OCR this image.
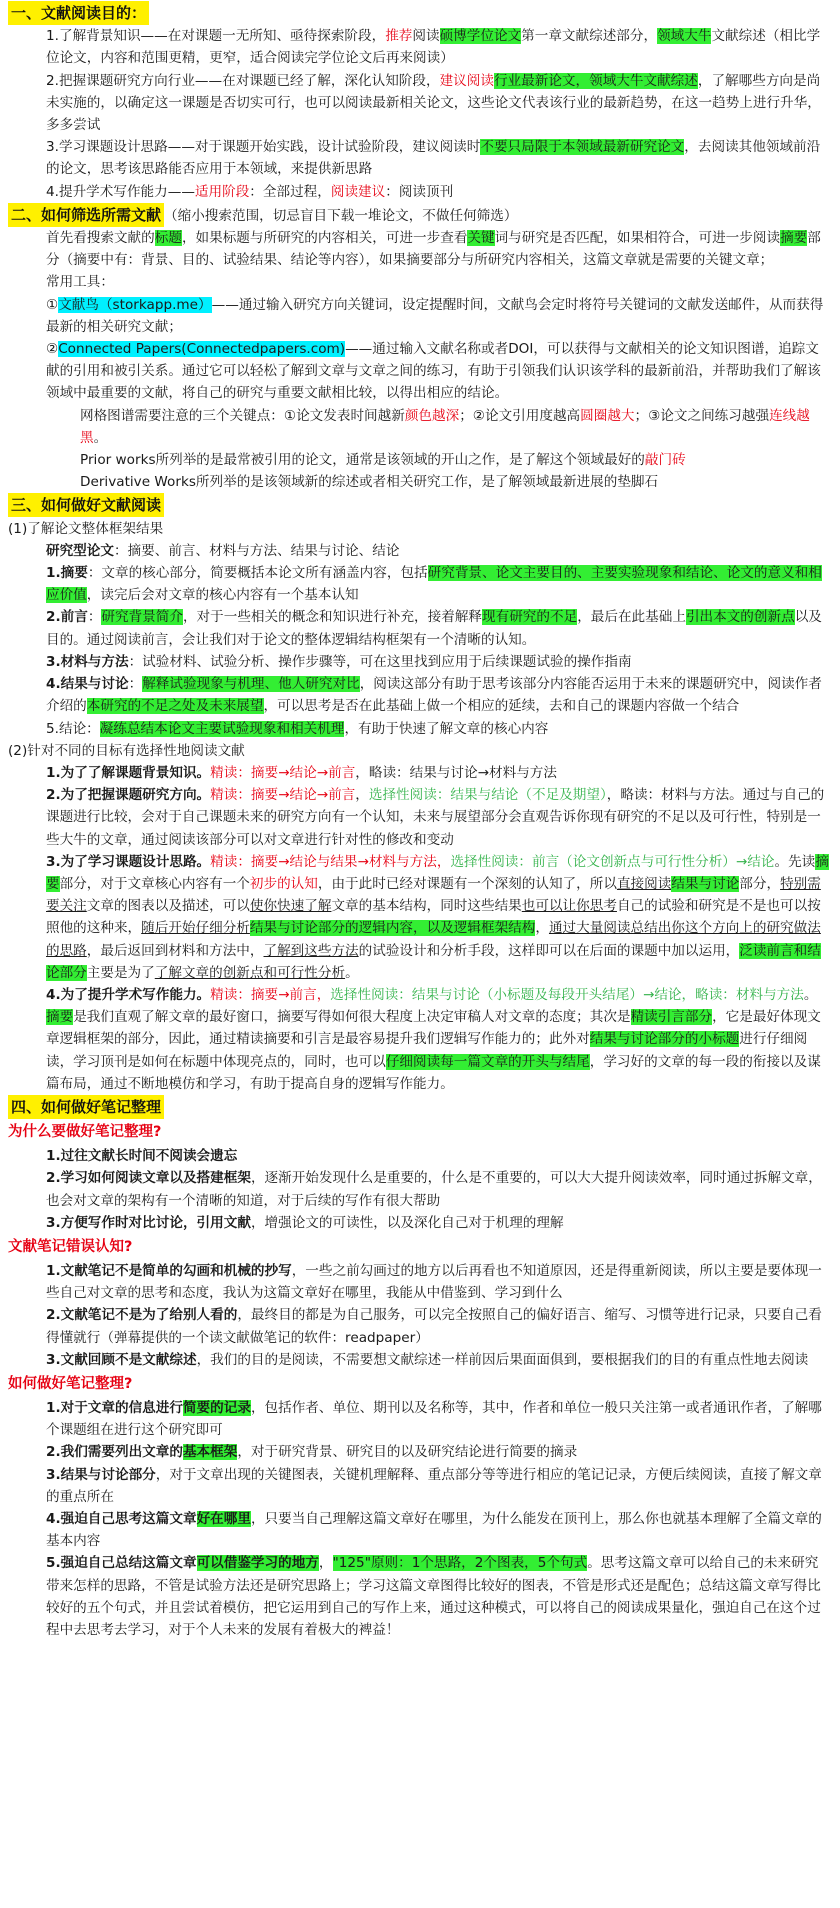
一、文献阅读目的：

1.了解背景知识——在对课题一无所知、亟待探索阶段，推荐阅读硕博学位论文第一章文献综述部分，领域大牛文献综述（相比学位论文，内容和范围更精，更窄，适合阅读完学位论文后再来阅读）

2.把握课题研究方向行业——在对课题已经了解，深化认知阶段，建议阅读行业最新论文，领域大牛文献综述，了解哪些方向是尚未实施的，以确定这一课题是否切实可行，也可以阅读最新相关论文，这些论文代表该行业的最新趋势，在这一趋势上进行升华，多多尝试

3.学习课题设计思路——对于课题开始实践，设计试验阶段，建议阅读时不要只局限于本领域最新研究论文，去阅读其他领域前沿的论文，思考该思路能否应用于本领域，来提供新思路

4.提升学术写作能力——适用阶段：全部过程，阅读建议：阅读顶刊

二、如何筛选所需文献 （缩小搜索范围，切忌盲目下载一堆论文，不做任何筛选）

首先看搜索文献的标题，如果标题与所研究的内容相关，可进一步查看关键词与研究是否匹配，如果相符合，可进一步阅读摘要部分（摘要中有：背景、目的、试验结果、结论等内容），如果摘要部分与所研究内容相关，这篇文章就是需要的关键文章；

常用工具：

①文献鸟（storkapp.me）——通过输入研究方向关键词，设定提醒时间，文献鸟会定时将符号关键词的文献发送邮件，从而获得最新的相关研究文献；

②Connected Papers(Connectedpapers.com)——通过输入文献名称或者DOI，可以获得与文献相关的论文知识图谱，追踪文献的引用和被引关系。通过它可以轻松了解到文章与文章之间的练习，有助于引领我们认识该学科的最新前沿，并帮助我们了解该领域中最重要的文献，将自己的研究与重要文献相比较，以得出相应的结论。

网格图谱需要注意的三个关键点：①论文发表时间越新颜色越深；②论文引用度越高圆圈越大；③论文之间练习越强连线越黑。

Prior works所列举的是最常被引用的论文，通常是该领域的开山之作，是了解这个领域最好的敲门砖

Derivative Works所列举的是该领域新的综述或者相关研究工作，是了解领域最新进展的垫脚石

三、如何做好文献阅读

(1)了解论文整体框架结果

研究型论文：摘要、前言、材料与方法、结果与讨论、结论

1.摘要：文章的核心部分，简要概括本论文所有涵盖内容，包括研究背景、论文主要目的、主要实验现象和结论、论文的意义和相应价值，读完后会对文章的核心内容有一个基本认知

2.前言：研究背景简介，对于一些相关的概念和知识进行补充，接着解释现有研究的不足，最后在此基础上引出本文的创新点以及目的。通过阅读前言，会让我们对于论文的整体逻辑结构框架有一个清晰的认知。

3.材料与方法：试验材料、试验分析、操作步骤等，可在这里找到应用于后续课题试验的操作指南

4.结果与讨论：解释试验现象与机理、他人研究对比，阅读这部分有助于思考该部分内容能否运用于未来的课题研究中，阅读作者介绍的本研究的不足之处及未来展望，可以思考是否在此基础上做一个相应的延续，去和自己的课题内容做一个结合

5.结论：凝练总结本论文主要试验现象和相关机理，有助于快速了解文章的核心内容

(2)针对不同的目标有选择性地阅读文献

1.为了了解课题背景知识。精读：摘要→结论→前言，略读：结果与讨论→材料与方法

2.为了把握课题研究方向。精读：摘要→结论→前言，选择性阅读：结果与结论（不足及期望），略读：材料与方法。通过与自己的课题进行比较，会对于自己课题未来的研究方向有一个认知，未来与展望部分会直观告诉你现有研究的不足以及可行性，特别是一些大牛的文章，通过阅读该部分可以对文章进行针对性的修改和变动

3.为了学习课题设计思路。精读：摘要→结论与结果→材料与方法，选择性阅读：前言（论文创新点与可行性分析）→结论。先读摘要部分，对于文章核心内容有一个初步的认知，由于此时已经对课题有一个深刻的认知了，所以直接阅读结果与讨论部分，特别需要关注文章的图表以及描述，可以使你快速了解文章的基本结构，同时这些结果也可以让你思考自己的试验和研究是不是也可以按照他的这种来，随后开始仔细分析结果与讨论部分的逻辑内容，以及逻辑框架结构，通过大量阅读总结出你这个方向上的研究做法的思路，最后返回到材料和方法中，了解到这些方法的试验设计和分析手段，这样即可以在后面的课题中加以运用，泛读前言和结论部分主要是为了了解文章的创新点和可行性分析。

4.为了提升学术写作能力。精读：摘要→前言，选择性阅读：结果与讨论（小标题及每段开头结尾）→结论，略读：材料与方法。摘要是我们直观了解文章的最好窗口，摘要写得如何很大程度上决定审稿人对文章的态度；其次是精读引言部分，它是最好体现文章逻辑框架的部分，因此，通过精读摘要和引言是最容易提升我们逻辑写作能力的；此外对结果与讨论部分的小标题进行仔细阅读，学习顶刊是如何在标题中体现亮点的，同时，也可以仔细阅读每一篇文章的开头与结尾，学习好的文章的每一段的衔接以及谋篇布局，通过不断地模仿和学习，有助于提高自身的逻辑写作能力。

四、如何做好笔记整理

为什么要做好笔记整理?

1.过往文献长时间不阅读会遗忘

2.学习如何阅读文章以及搭建框架，逐渐开始发现什么是重要的，什么是不重要的，可以大大提升阅读效率，同时通过拆解文章，也会对文章的架构有一个清晰的知道，对于后续的写作有很大帮助

3.方便写作时对比讨论，引用文献，增强论文的可读性，以及深化自己对于机理的理解

文献笔记错误认知?

1.文献笔记不是简单的勾画和机械的抄写，一些之前勾画过的地方以后再看也不知道原因，还是得重新阅读，所以主要是要体现一些自己对文章的思考和态度，我认为这篇文章好在哪里，我能从中借鉴到、学习到什么

2.文献笔记不是为了给别人看的，最终目的都是为自己服务，可以完全按照自己的偏好语言、缩写、习惯等进行记录，只要自己看得懂就行（弹幕提供的一个读文献做笔记的软件：readpaper）

3.文献回顾不是文献综述，我们的目的是阅读，不需要想文献综述一样前因后果面面俱到，要根据我们的目的有重点性地去阅读

如何做好笔记整理?

1.对于文章的信息进行简要的记录，包括作者、单位、期刊以及名称等，其中，作者和单位一般只关注第一或者通讯作者，了解哪个课题组在进行这个研究即可

2.我们需要列出文章的基本框架，对于研究背景、研究目的以及研究结论进行简要的摘录

3.结果与讨论部分，对于文章出现的关键图表，关键机理解释、重点部分等等进行相应的笔记记录，方便后续阅读，直接了解文章的重点所在

4.强迫自己思考这篇文章好在哪里，只要当自己理解这篇文章好在哪里，为什么能发在顶刊上，那么你也就基本理解了全篇文章的基本内容

5.强迫自己总结这篇文章可以借鉴学习的地方，"125"原则：1个思路，2个图表，5个句式。思考这篇文章可以给自己的未来研究带来怎样的思路，不管是试验方法还是研究思路上；学习这篇文章图得比较好的图表，不管是形式还是配色；总结这篇文章写得比较好的五个句式，并且尝试着模仿，把它运用到自己的写作上来，通过这种模式，可以将自己的阅读成果量化，强迫自己在这个过程中去思考去学习，对于个人未来的发展有着极大的裨益！
